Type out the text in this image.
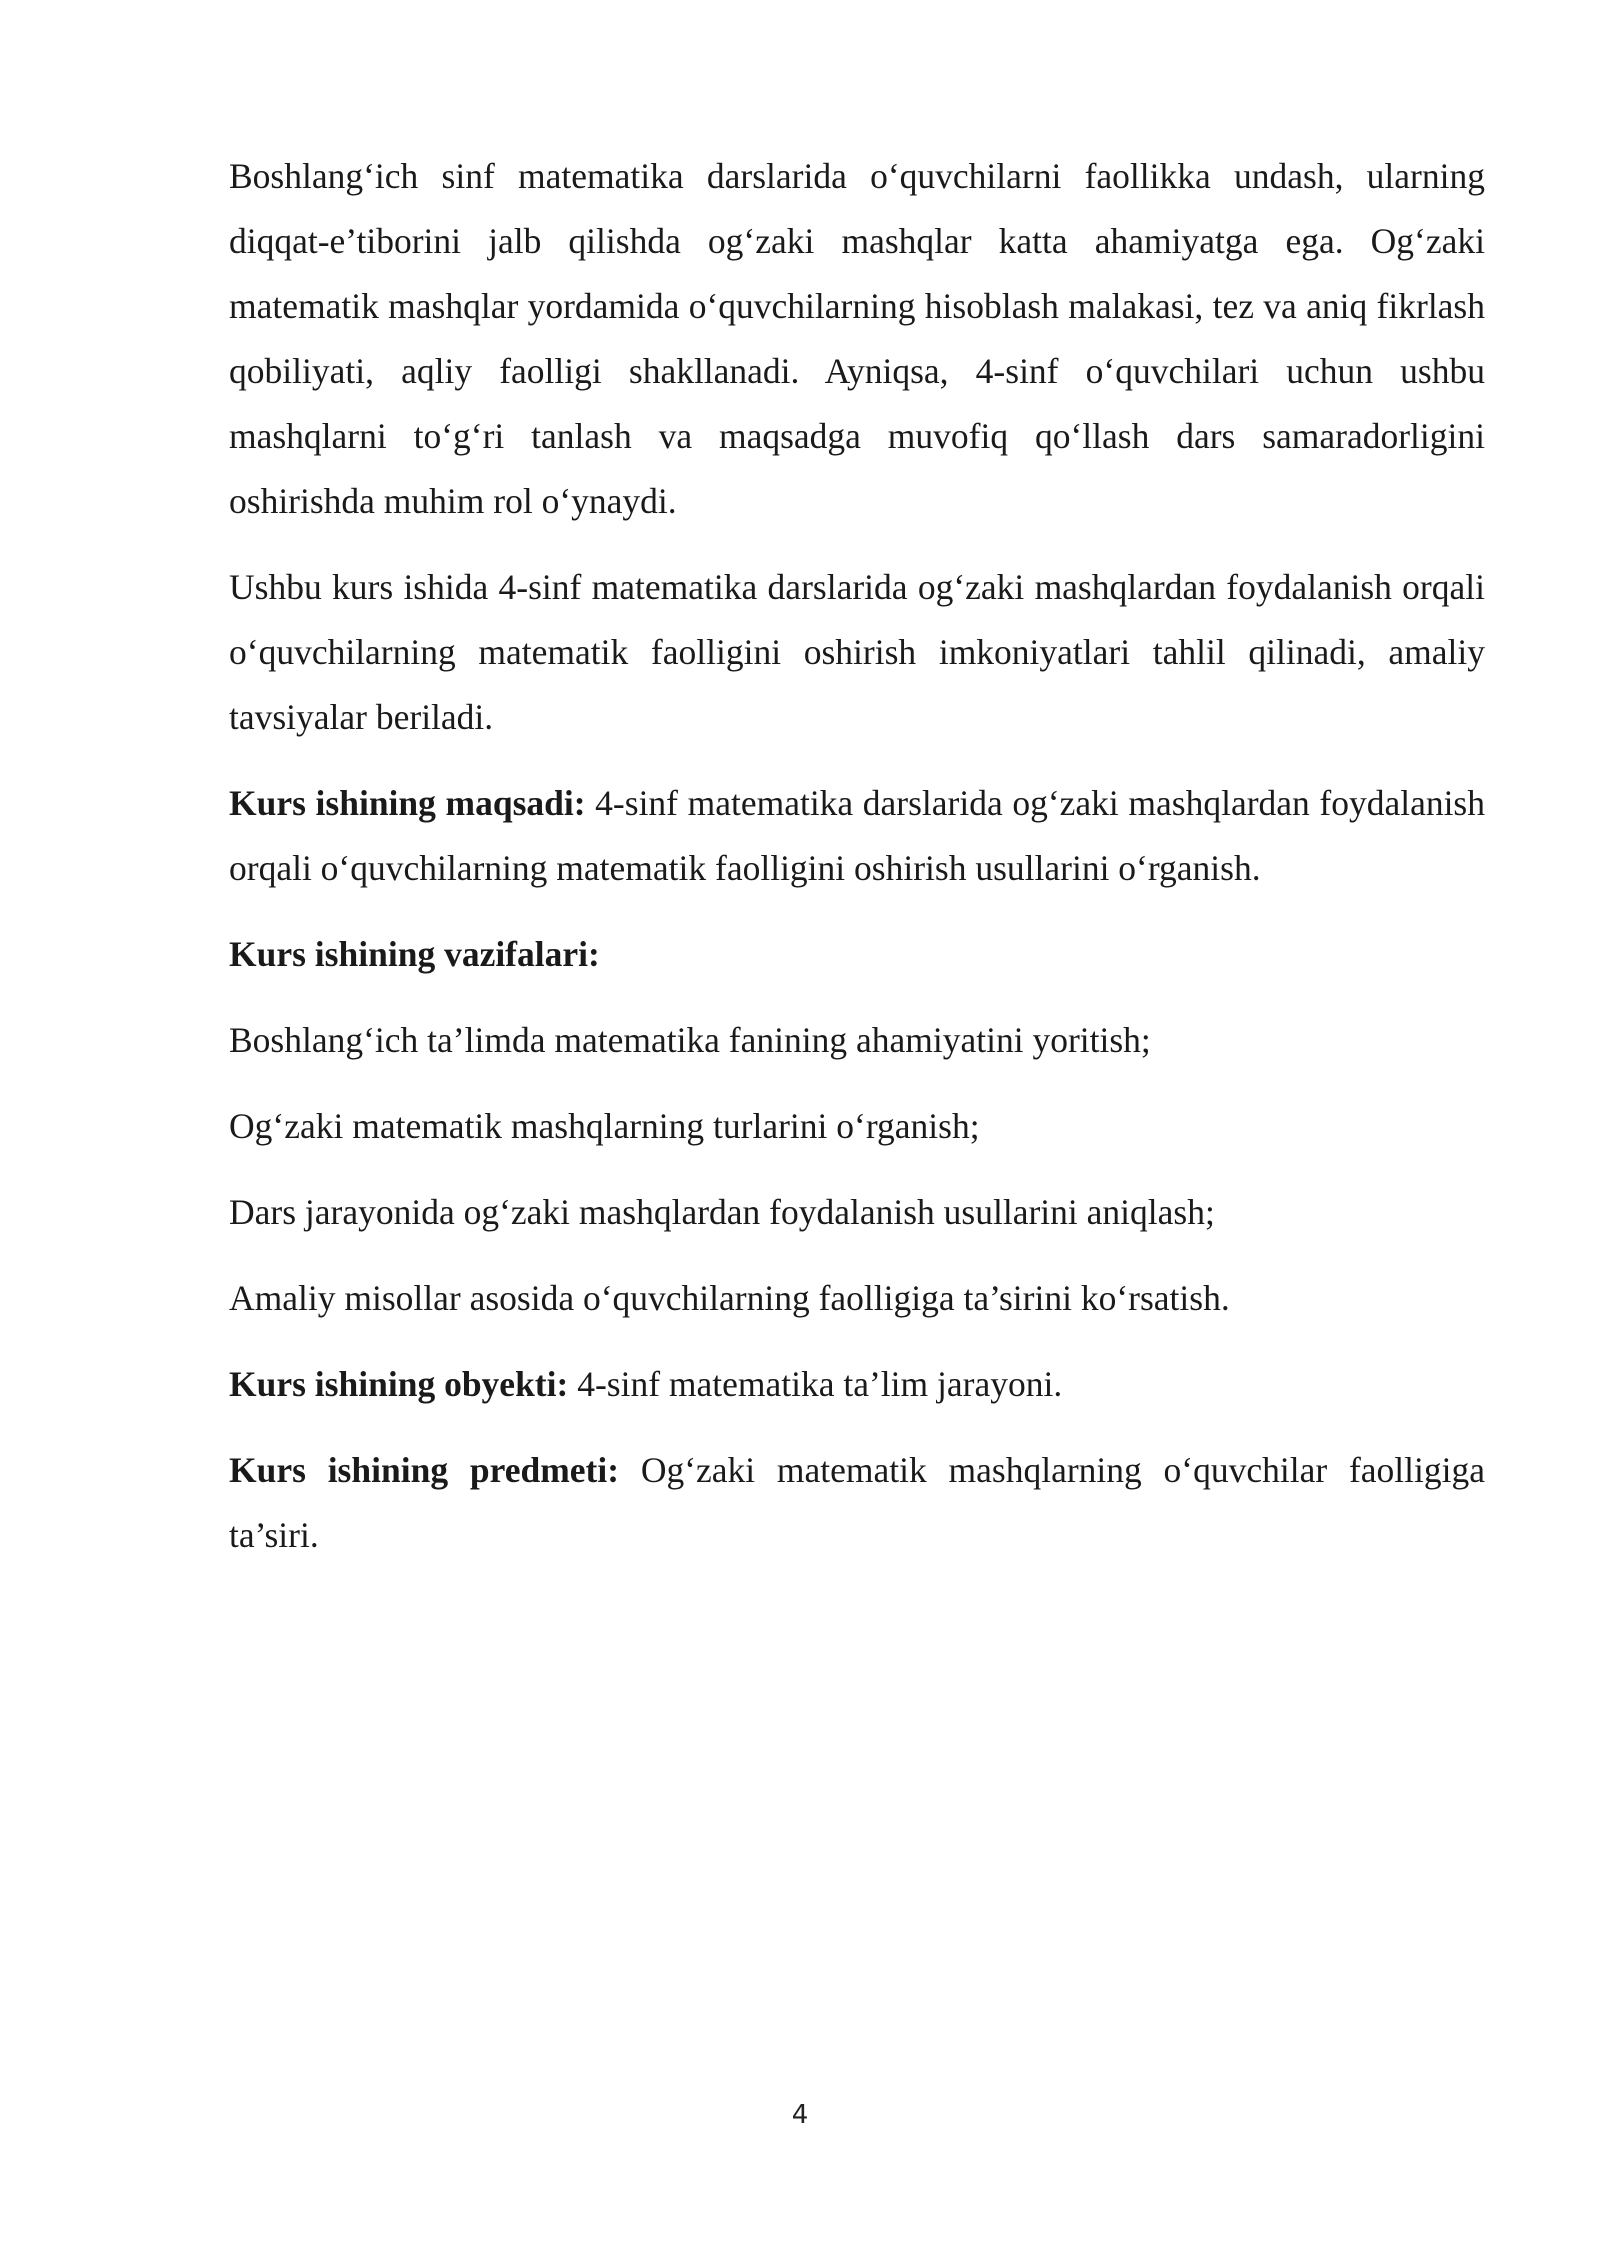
Boshlang‘ich sinf matematika darslarida o‘quvchilarni faollikka undash, ularning diqqat-e’tiborini jalb qilishda og‘zaki mashqlar katta ahamiyatga ega. Og‘zaki matematik mashqlar yordamida o‘quvchilarning hisoblash malakasi, tez va aniq fikrlash qobiliyati, aqliy faolligi shakllanadi. Ayniqsa, 4-sinf o‘quvchilari uchun ushbu mashqlarni to‘g‘ri tanlash va maqsadga muvofiq qo‘llash dars samaradorligini oshirishda muhim rol o‘ynaydi.

Ushbu kurs ishida 4-sinf matematika darslarida og‘zaki mashqlardan foydalanish orqali o‘quvchilarning matematik faolligini oshirish imkoniyatlari tahlil qilinadi, amaliy tavsiyalar beriladi.

Kurs ishining maqsadi: 4-sinf matematika darslarida og‘zaki mashqlardan foydalanish orqali o‘quvchilarning matematik faolligini oshirish usullarini o‘rganish.

Kurs ishining vazifalari:

Boshlang‘ich ta’limda matematika fanining ahamiyatini yoritish;

Og‘zaki matematik mashqlarning turlarini o‘rganish;

Dars jarayonida og‘zaki mashqlardan foydalanish usullarini aniqlash;

Amaliy misollar asosida o‘quvchilarning faolligiga ta’sirini ko‘rsatish.

Kurs ishining obyekti: 4-sinf matematika ta’lim jarayoni.

Kurs ishining predmeti: Og‘zaki matematik mashqlarning o‘quvchilar faolligiga ta’siri.

4
